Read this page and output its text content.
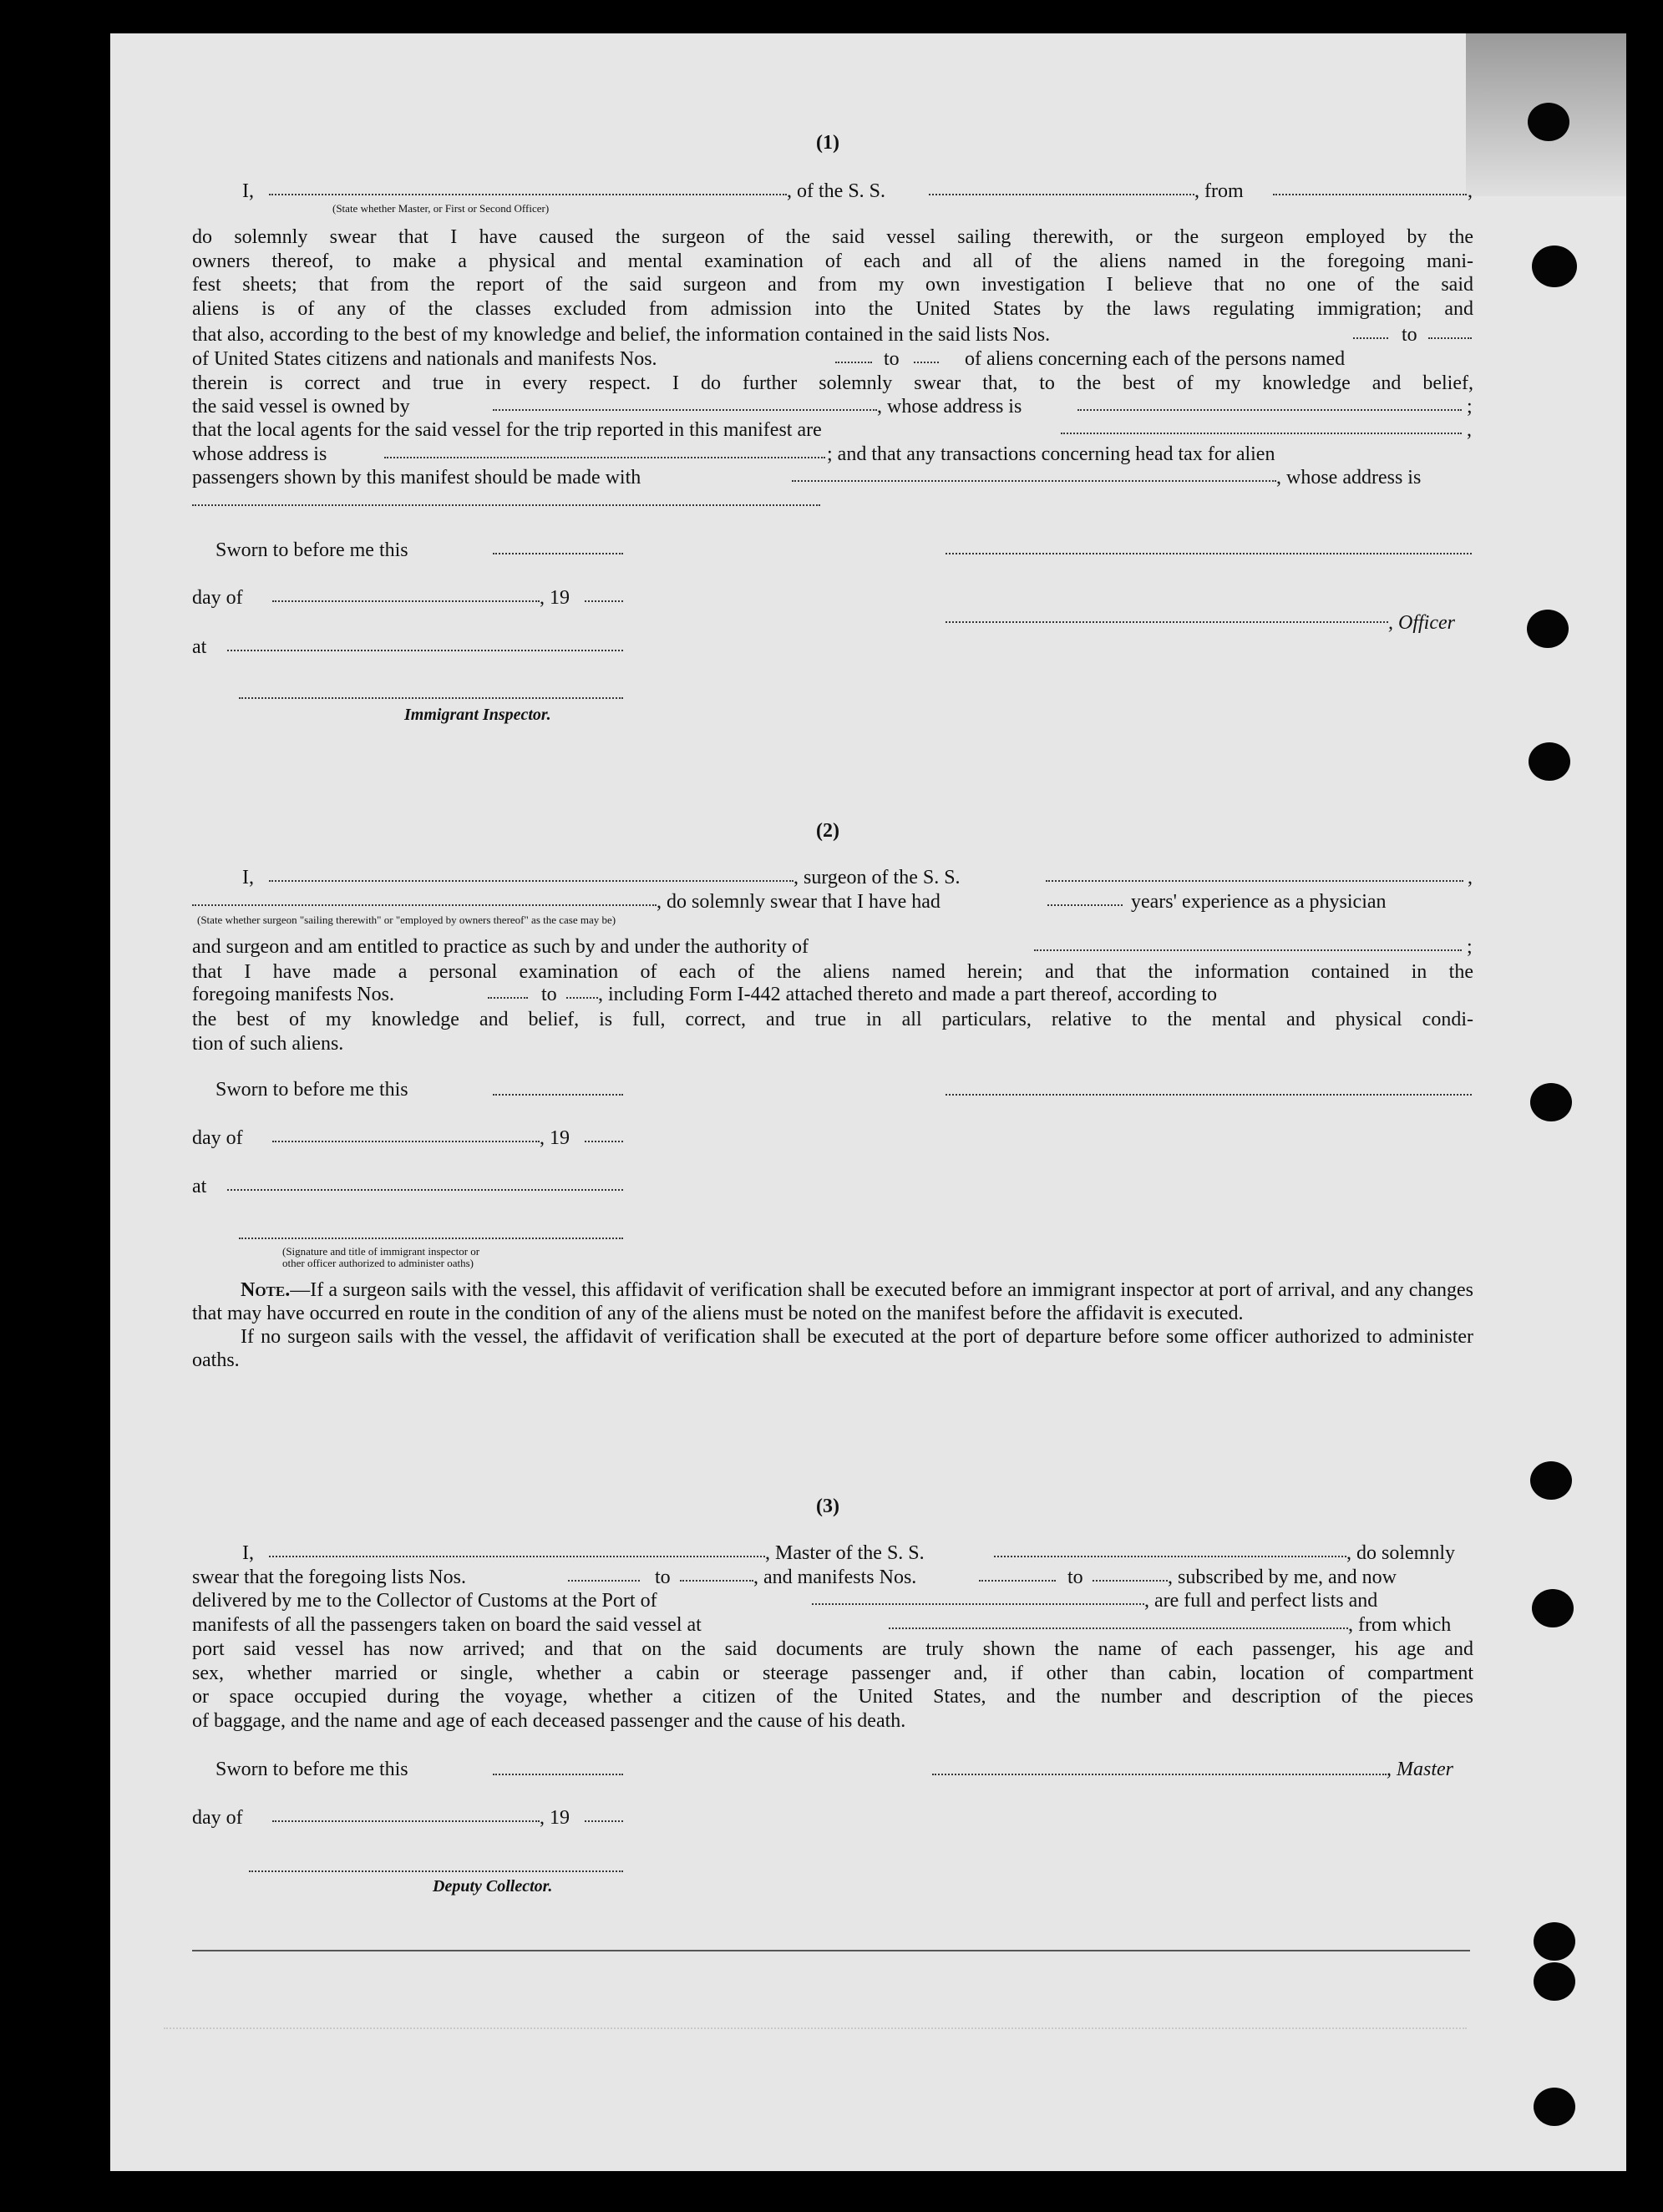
(1)
I,	, of the S. S.	, from	,
(State whether Master, or First or Second Officer)

do solemnly swear that I have caused the surgeon of the said vessel sailing therewith, or the surgeon employed by the

owners thereof, to make a physical and mental examination of each and all of the aliens named in the foregoing mani-

fest sheets; that from the report of the said surgeon and from my own investigation I believe that no one of the said

aliens is of any of the classes excluded from admission into the United States by the laws regulating immigration; and

that also, according to the best of my knowledge and belief, the information contained in the said lists Nos.	to
of United States citizens and nationals and manifests Nos.	to	of aliens concerning each of the persons named

therein is correct and true in every respect. I do further solemnly swear that, to the best of my knowledge and belief,

the said vessel is owned by	, whose address is	;
that the local agents for the said vessel for the trip reported in this manifest are	,
whose address is	; and that any transactions concerning head tax for alien
passengers shown by this manifest should be made with	, whose address is
Sworn to before me this
day of	, 19
, Officer
at
Immigrant Inspector.
(2)
I,	, surgeon of the S. S.	,
, do solemnly swear that I have had	years' experience as a physician
(State whether surgeon "sailing therewith" or "employed by owners thereof" as the case may be)
and surgeon and am entitled to practice as such by and under the authority of	;

that I have made a personal examination of each of the aliens named herein; and that the information contained in the

foregoing manifests Nos.	to , including Form I-442 attached thereto and made a part thereof, according to

the best of my knowledge and belief, is full, correct, and true in all particulars, relative to the mental and physical condi-

tion of such aliens.

Sworn to before me this
day of	, 19
at
(Signature and title of immigrant inspector or
other officer authorized to administer oaths)

Note.—If a surgeon sails with the vessel, this affidavit of verification shall be executed before an immigrant inspector at port of arrival, and any changes that may have occurred en route in the condition of any of the aliens must be noted on the manifest before the affidavit is executed.

If no surgeon sails with the vessel, the affidavit of verification shall be executed at the port of departure before some officer authorized to administer oaths.

(3)
I,	, Master of the S. S.	, do solemnly
swear that the foregoing lists Nos.	to	, and manifests Nos.	to	, subscribed by me, and now
delivered by me to the Collector of Customs at the Port of	, are full and perfect lists and
manifests of all the passengers taken on board the said vessel at	, from which

port said vessel has now arrived; and that on the said documents are truly shown the name of each passenger, his age and

sex, whether married or single, whether a cabin or steerage passenger and, if other than cabin, location of compartment

or space occupied during the voyage, whether a citizen of the United States, and the number and description of the pieces

of baggage, and the name and age of each deceased passenger and the cause of his death.

Sworn to before me this	, Master
day of	, 19
Deputy Collector.
